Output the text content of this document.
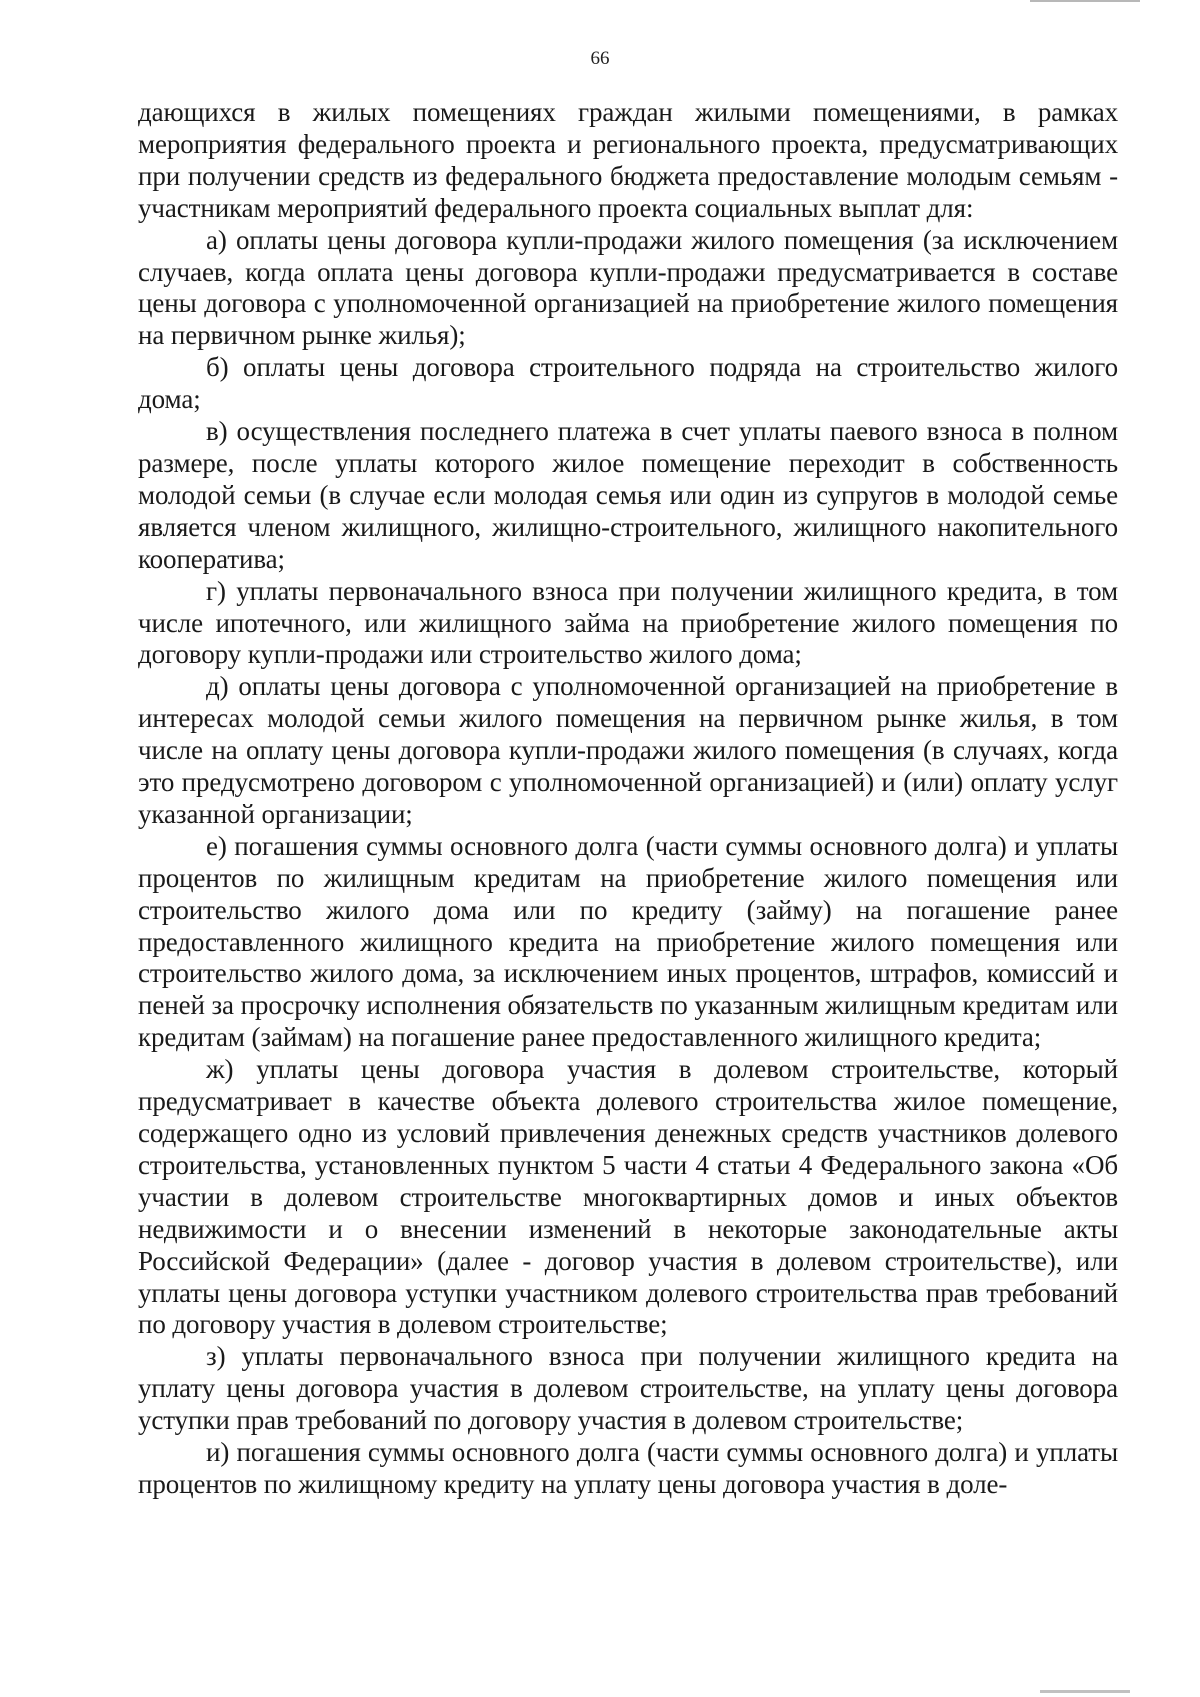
66

дающихся в жилых помещениях граждан жилыми помещениями, в рамках мероприятия федерального проекта и регионального проекта, предусматривающих при получении средств из федерального бюджета предоставление молодым семьям - участникам мероприятий федерального проекта социальных выплат для:

а) оплаты цены договора купли-продажи жилого помещения (за исключением случаев, когда оплата цены договора купли-продажи предусматривается в составе цены договора с уполномоченной организацией на приобретение жилого помещения на первичном рынке жилья);

б) оплаты цены договора строительного подряда на строительство жилого дома;

в) осуществления последнего платежа в счет уплаты паевого взноса в полном размере, после уплаты которого жилое помещение переходит в собственность молодой семьи (в случае если молодая семья или один из супругов в молодой семье является членом жилищного, жилищно-строительного, жилищного накопительного кооператива;

г) уплаты первоначального взноса при получении жилищного кредита, в том числе ипотечного, или жилищного займа на приобретение жилого помещения по договору купли-продажи или строительство жилого дома;

д) оплаты цены договора с уполномоченной организацией на приобретение в интересах молодой семьи жилого помещения на первичном рынке жилья, в том числе на оплату цены договора купли-продажи жилого помещения (в случаях, когда это предусмотрено договором с уполномоченной организацией) и (или) оплату услуг указанной организации;

е) погашения суммы основного долга (части суммы основного долга) и уплаты процентов по жилищным кредитам на приобретение жилого помещения или строительство жилого дома или по кредиту (займу) на погашение ранее предоставленного жилищного кредита на приобретение жилого помещения или строительство жилого дома, за исключением иных процентов, штрафов, комиссий и пеней за просрочку исполнения обязательств по указанным жилищным кредитам или кредитам (займам) на погашение ранее предоставленного жилищного кредита;

ж) уплаты цены договора участия в долевом строительстве, который предусматривает в качестве объекта долевого строительства жилое помещение, содержащего одно из условий привлечения денежных средств участников долевого строительства, установленных пунктом 5 части 4 статьи 4 Федерального закона «Об участии в долевом строительстве многоквартирных домов и иных объектов недвижимости и о внесении изменений в некоторые законодательные акты Российской Федерации» (далее - договор участия в долевом строительстве), или уплаты цены договора уступки участником долевого строительства прав требований по договору участия в долевом строительстве;

з) уплаты первоначального взноса при получении жилищного кредита на уплату цены договора участия в долевом строительстве, на уплату цены договора уступки прав требований по договору участия в долевом строительстве;

и) погашения суммы основного долга (части суммы основного долга) и уплаты процентов по жилищному кредиту на уплату цены договора участия в доле-
